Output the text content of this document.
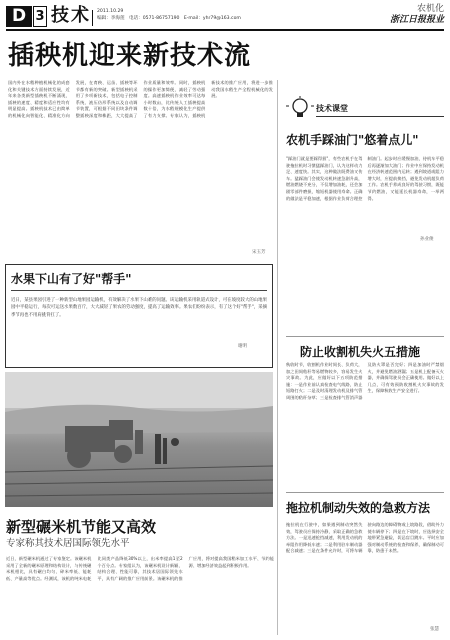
D 3 技术 2011.10.29
编辑：李海莲 电话：0571-86757190 E-mail：yhr79@163.com
农机化
浙江日报报业
插秧机迎来新技术流
国内外在水稻种植机械化的成套化和关键技术方面持续发展，近年来各类新型插秧机不断涌现，插秧的速度、精度和适应性均有明显提高。插秧机技术已由简单的机械化向智能化、精准化方向发展，在育秧、运苗、插秧等环节都有新的突破。新型插秧机采用了多项新技术，包括电子控制系统、液压仿形系统以及自动调节装置，可根据不同田块条件调整插秧深度和株距，大大提高了作业质量和效率。同时，插秧机的操作更加简便，减轻了劳动强度。高速插秧机作业效率可达每小时数亩，比传统人工插秧提高数十倍，为水稻规模化生产提供了有力支撑。专家认为，插秧机新技术的推广应用，将进一步推动我国水稻生产全程机械化的发展。
宋玉芳
技术课堂
农机手踩油门"悠着点儿"
"踩油门就是要踩得狠"，有些农机手在驾驶拖拉机时习惯猛踩油门，认为这样动力足、速度快。其实，这种做法既费油又伤车。猛踩油门会使发动机转速急剧升高，燃油燃烧不充分，不仅增加油耗，还会加剧零部件磨损，缩短机器使用寿命。正确的做法是平稳加速，根据作业负荷合理控制油门。起步时应缓慢加油，待机车平稳后再逐渐加大油门；作业中应保持发动机在经济转速范围内运转；遇到坡道或阻力增大时，应提前换挡，避免发动机超负荷工作。农机手养成良好的驾驶习惯，既能节约燃油，又能延长机器寿命，一举两得。
孙业俊
水果下山有了好"帮手"
近日，某县果园引进了一种新型山地果园运输机，有效解决了水果下山难的问题。该运输机采用轨道式设计，可在坡度较大的山地果园中平稳运行，每次可运送水果数百斤，大大减轻了果农的劳动强度，提高了运输效率。果农们纷纷表示，有了这个好"帮手"，采摘季节再也不用肩挑背扛了。
谢明	防止收割机失火五措施
秋收时节，收割机作业时间长、负荷大，加之田间秸秆等易燃物较多，容易发生火灾事故。为此，应做好以下五项防范措施：一是作业前认真检查电气线路，防止短路打火；二是及时清理发动机及排气管周围的秸秆杂草；三是检查排气管消声器及防火罩是否完好；四是加油时严禁烟火，并避免燃油洒漏；五是机上配备灭火器，并确保驾驶员会正确使用。做好以上几点，可有效预防收割机火灾事故的发生，保障秋收生产安全进行。
拖拉机制动失效的急救方法
拖拉机在行驶中，如果遇到制动突然失效，驾驶员应保持冷静，采取正确的急救方法。一是迅速抢挡减速，利用发动机的牵阻作用降低车速；二是利用驻车制动器配合减速；三是在条件允许时，可将车辆驶向路边的障碍物或上坡路段，借助外力使车辆停下；四是在下坡时，应选择安全地带紧急避险，切忌盲目跳车。平时应加强对制动系统的检查和保养，确保制动可靠，防患于未然。
张慧
新型碾米机节能又高效
专家称其技术居国际领先水平
近日，新型碾米机通过了专家鉴定。该碾米机采用了全新的碾米原理和结构设计，与传统碾米机相比，具有碾白均匀、碎米率低、能耗低、产量高等优点。经测试，该机的吨米电耗比同类产品降低30%以上，出米率提高1至2个百分点。专家组认为，该碾米机设计新颖、结构合理、性能可靠，其技术居国际领先水平，具有广阔的推广应用前景。该碾米机的推广应用，将对提高我国稻米加工水平、节约能源、增加经济效益起到积极作用。
